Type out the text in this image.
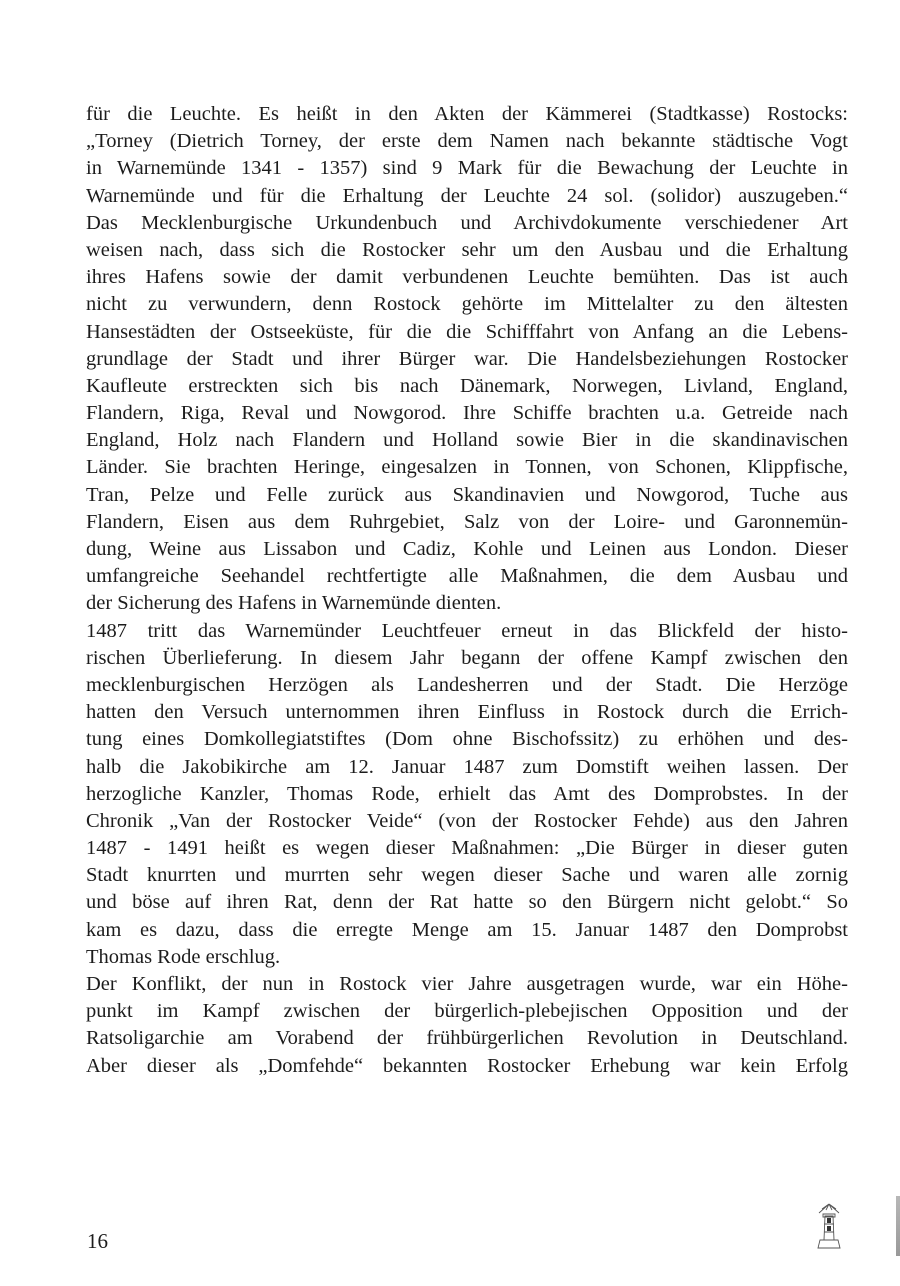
für die Leuchte. Es heißt in den Akten der Kämmerei (Stadtkasse) Rostocks:
„Torney (Dietrich Torney, der erste dem Namen nach bekannte städtische Vogt
in Warnemünde 1341 - 1357) sind 9 Mark für die Bewachung der Leuchte in
Warnemünde und für die Erhaltung der Leuchte 24 sol. (solidor) auszugeben.“
Das Mecklenburgische Urkundenbuch und Archivdokumente verschiedener Art
weisen nach, dass sich die Rostocker sehr um den Ausbau und die Erhaltung
ihres Hafens sowie der damit verbundenen Leuchte bemühten. Das ist auch
nicht zu verwundern, denn Rostock gehörte im Mittelalter zu den ältesten
Hansestädten der Ostseeküste, für die die Schifffahrt von Anfang an die Lebens-
grundlage der Stadt und ihrer Bürger war. Die Handelsbeziehungen Rostocker
Kaufleute erstreckten sich bis nach Dänemark, Norwegen, Livland, England,
Flandern, Riga, Reval und Nowgorod. Ihre Schiffe brachten u.a. Getreide nach
England, Holz nach Flandern und Holland sowie Bier in die skandinavischen
Länder. Sie brachten Heringe, eingesalzen in Tonnen, von Schonen, Klippfische,
Tran, Pelze und Felle zurück aus Skandinavien und Nowgorod, Tuche aus
Flandern, Eisen aus dem Ruhrgebiet, Salz von der Loire- und Garonnemün-
dung, Weine aus Lissabon und Cadiz, Kohle und Leinen aus London. Dieser
umfangreiche Seehandel rechtfertigte alle Maßnahmen, die dem Ausbau und
der Sicherung des Hafens in Warnemünde dienten.
1487 tritt das Warnemünder Leuchtfeuer erneut in das Blickfeld der histo-
rischen Überlieferung. In diesem Jahr begann der offene Kampf zwischen den
mecklenburgischen Herzögen als Landesherren und der Stadt. Die Herzöge
hatten den Versuch unternommen ihren Einfluss in Rostock durch die Errich-
tung eines Domkollegiatstiftes (Dom ohne Bischofssitz) zu erhöhen und des-
halb die Jakobikirche am 12. Januar 1487 zum Domstift weihen lassen. Der
herzogliche Kanzler, Thomas Rode, erhielt das Amt des Domprobstes. In der
Chronik „Van der Rostocker Veide“ (von der Rostocker Fehde) aus den Jahren
1487 - 1491 heißt es wegen dieser Maßnahmen: „Die Bürger in dieser guten
Stadt knurrten und murrten sehr wegen dieser Sache und waren alle zornig
und böse auf ihren Rat, denn der Rat hatte so den Bürgern nicht gelobt.“ So
kam es dazu, dass die erregte Menge am 15. Januar 1487 den Domprobst
Thomas Rode erschlug.
Der Konflikt, der nun in Rostock vier Jahre ausgetragen wurde, war ein Höhe-
punkt im Kampf zwischen der bürgerlich-plebejischen Opposition und der
Ratsoligarchie am Vorabend der frühbürgerlichen Revolution in Deutschland.
Aber dieser als „Domfehde“ bekannten Rostocker Erhebung war kein Erfolg
16
